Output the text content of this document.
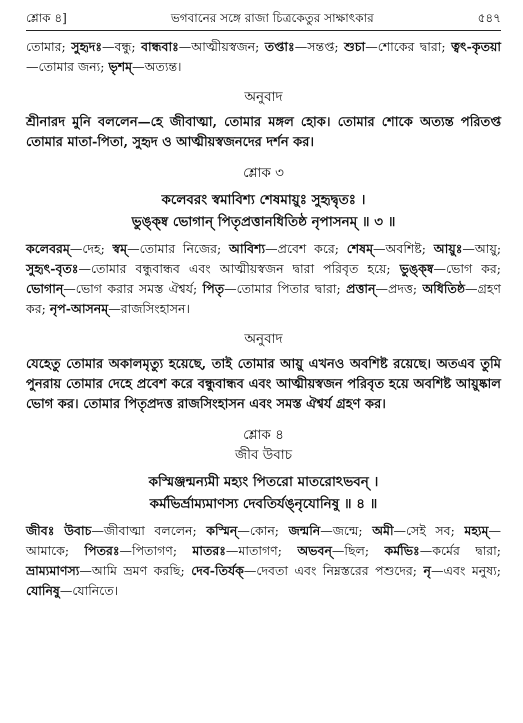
শ্লোক ৪]	ভগবানের সঙ্গে রাজা চিত্রকেতুর সাক্ষাৎকার	৫৪৭

তোমার; সুহৃদঃ—বন্ধু; বান্ধবাঃ—আত্মীয়স্বজন; তপ্তাঃ—সন্তপ্ত; শুচা—শোকের দ্বারা; ত্বৎ-কৃতয়া—তোমার জন্য; ভৃশম্—অত্যন্ত।

অনুবাদ

শ্রীনারদ মুনি বললেন—হে জীবাত্মা, তোমার মঙ্গল হোক। তোমার শোকে অত্যন্ত পরিতপ্ত তোমার মাতা-পিতা, সুহৃদ ও আত্মীয়স্বজনদের দর্শন কর।

শ্লোক ৩
কলেবরং স্বমাবিশ্য শেষমায়ুঃ সুহৃদ্বৃতঃ ।
ভুঙ্ক্ষ্ব ভোগান্ পিতৃপ্রত্তানধিতিষ্ঠ নৃপাসনম্ ॥ ৩ ॥

কলেবরম্—দেহ; স্বম্—তোমার নিজের; আবিশ্য—প্রবেশ করে; শেষম্—অবশিষ্ট; আয়ুঃ—আয়ু; সুহৃৎ-বৃতঃ—তোমার বন্ধুবান্ধব এবং আত্মীয়স্বজন দ্বারা পরিবৃত হয়ে; ভুঙ্ক্ষ্ব—ভোগ কর; ভোগান্—ভোগ করার সমস্ত ঐশ্বর্য; পিতৃ—তোমার পিতার দ্বারা; প্রত্তান্—প্রদত্ত; অধিতিষ্ঠ—গ্রহণ কর; নৃপ-আসনম্—রাজসিংহাসন।

অনুবাদ

যেহেতু তোমার অকালমৃত্যু হয়েছে, তাই তোমার আয়ু এখনও অবশিষ্ট রয়েছে। অতএব তুমি পুনরায় তোমার দেহে প্রবেশ করে বন্ধুবান্ধব এবং আত্মীয়স্বজন পরিবৃত হয়ে অবশিষ্ট আয়ুষ্কাল ভোগ কর। তোমার পিতৃপ্রদত্ত রাজসিংহাসন এবং সমস্ত ঐশ্বর্য গ্রহণ কর।

শ্লোক ৪
জীব উবাচ
কস্মিঞ্জন্মন্যমী মহ্যং পিতরো মাতরোঽভবন্ ।
কর্মভির্ভ্রাম্যমাণস্য দেবতির্যঙ্নৃযোনিষু ॥ ৪ ॥

জীবঃ উবাচ—জীবাত্মা বললেন; কস্মিন্—কোন; জন্মনি—জন্মে; অমী—সেই সব; মহ্যম্—আমাকে; পিতরঃ—পিতাগণ; মাতরঃ—মাতাগণ; অভবন্—ছিল; কর্মভিঃ—কর্মের দ্বারা; ভ্রাম্যমাণস্য—আমি ভ্রমণ করছি; দেব-তির্যক্—দেবতা এবং নিম্নস্তরের পশুদের; নৃ—এবং মনুষ্য; যোনিষু—যোনিতে।
